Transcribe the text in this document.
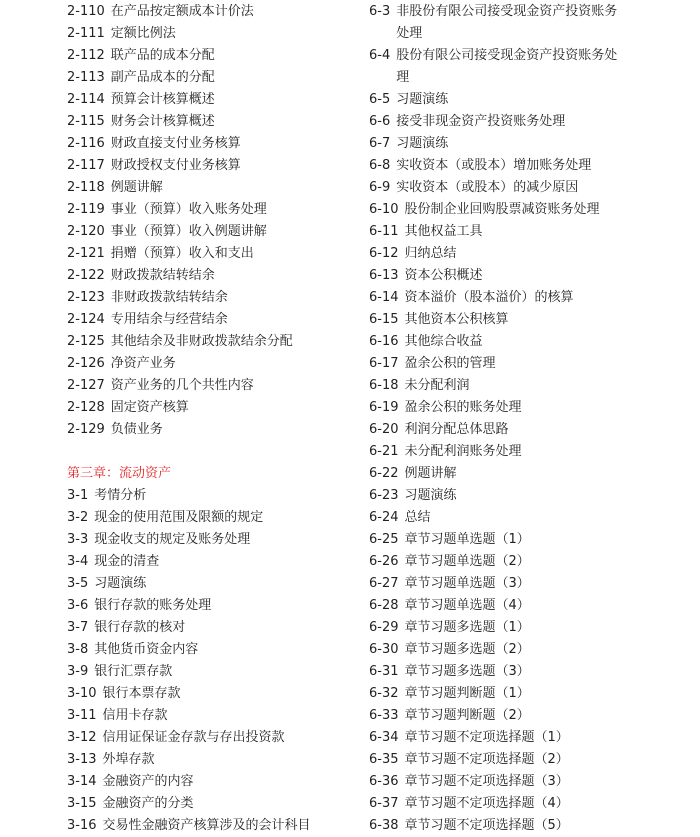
2-110 在产品按定额成本计价法
2-111 定额比例法
2-112 联产品的成本分配
2-113 副产品成本的分配
2-114 预算会计核算概述
2-115 财务会计核算概述
2-116 财政直接支付业务核算
2-117 财政授权支付业务核算
2-118 例题讲解
2-119 事业（预算）收入账务处理
2-120 事业（预算）收入例题讲解
2-121 捐赠（预算）收入和支出
2-122 财政拨款结转结余
2-123 非财政拨款结转结余
2-124 专用结余与经营结余
2-125 其他结余及非财政拨款结余分配
2-126 净资产业务
2-127 资产业务的几个共性内容
2-128 固定资产核算
2-129 负债业务
第三章：流动资产
3-1 考情分析
3-2 现金的使用范围及限额的规定
3-3 现金收支的规定及账务处理
3-4 现金的清查
3-5 习题演练
3-6 银行存款的账务处理
3-7 银行存款的核对
3-8 其他货币资金内容
3-9 银行汇票存款
3-10 银行本票存款
3-11 信用卡存款
3-12 信用证保证金存款与存出投资款
3-13 外埠存款
3-14 金融资产的内容
3-15 金融资产的分类
3-16 交易性金融资产核算涉及的会计科目
6-3 非股份有限公司接受现金资产投资账务处理
6-4 股份有限公司接受现金资产投资账务处理
6-5 习题演练
6-6 接受非现金资产投资账务处理
6-7 习题演练
6-8 实收资本（或股本）增加账务处理
6-9 实收资本（或股本）的减少原因
6-10 股份制企业回购股票减资账务处理
6-11 其他权益工具
6-12 归纳总结
6-13 资本公积概述
6-14 资本溢价（股本溢价）的核算
6-15 其他资本公积核算
6-16 其他综合收益
6-17 盈余公积的管理
6-18 未分配利润
6-19 盈余公积的账务处理
6-20 利润分配总体思路
6-21 未分配利润账务处理
6-22 例题讲解
6-23 习题演练
6-24 总结
6-25 章节习题单选题（1）
6-26 章节习题单选题（2）
6-27 章节习题单选题（3）
6-28 章节习题单选题（4）
6-29 章节习题多选题（1）
6-30 章节习题多选题（2）
6-31 章节习题多选题（3）
6-32 章节习题判断题（1）
6-33 章节习题判断题（2）
6-34 章节习题不定项选择题（1）
6-35 章节习题不定项选择题（2）
6-36 章节习题不定项选择题（3）
6-37 章节习题不定项选择题（4）
6-38 章节习题不定项选择题（5）
